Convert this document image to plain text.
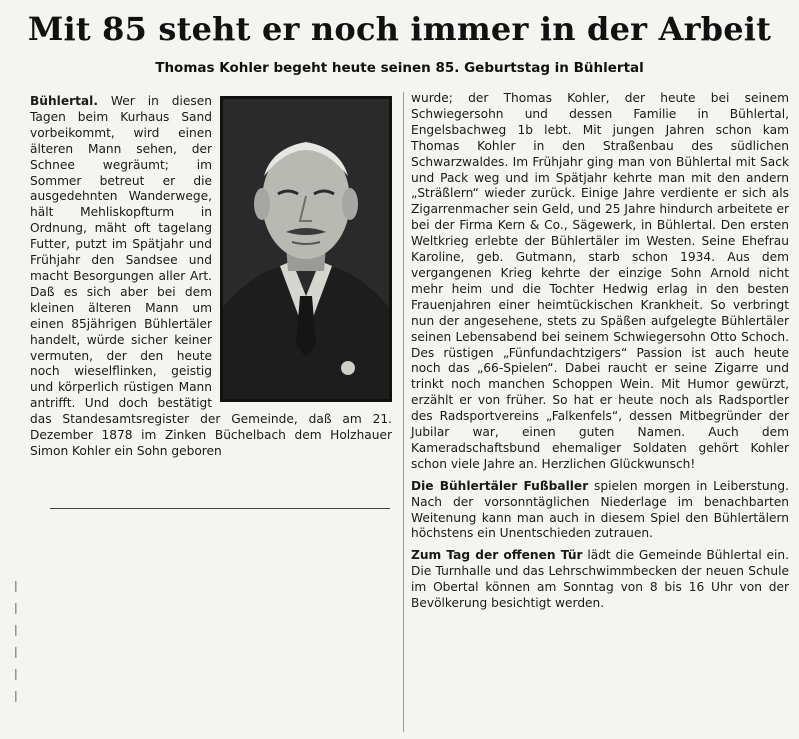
Mit 85 steht er noch immer in der Arbeit
Thomas Kohler begeht heute seinen 85. Geburtstag in Bühlertal

Bühlertal. Wer in diesen Tagen beim Kurhaus Sand vorbeikommt, wird einen älteren Mann sehen, der Schnee wegräumt; im Sommer betreut er die ausgedehnten Wanderwege, hält Mehliskopfturm in Ordnung, mäht oft tagelang Futter, putzt im Spätjahr und Frühjahr den Sandsee und macht Besorgungen aller Art. Daß es sich aber bei dem kleinen älteren Mann um einen 85jährigen Bühlertäler handelt, würde sicher keiner vermuten, der den heute noch wieselflinken, geistig und körperlich rüstigen Mann antrifft. Und doch bestätigt das Standesamtsregister der Gemeinde, daß am 21. Dezember 1878 im Zinken Büchelbach dem Holzhauer Simon Kohler ein Sohn geboren

|
|
|
|
|
|

wurde; der Thomas Kohler, der heute bei seinem Schwiegersohn und dessen Familie in Bühlertal, Engelsbachweg 1b lebt. Mit jungen Jahren schon kam Thomas Kohler in den Straßenbau des südlichen Schwarzwaldes. Im Frühjahr ging man von Bühlertal mit Sack und Pack weg und im Spätjahr kehrte man mit den andern „Sträßlern“ wieder zurück. Einige Jahre verdiente er sich als Zigarrenmacher sein Geld, und 25 Jahre hindurch arbeitete er bei der Firma Kern & Co., Sägewerk, in Bühlertal. Den ersten Weltkrieg erlebte der Bühlertäler im Westen. Seine Ehefrau Karoline, geb. Gutmann, starb schon 1934. Aus dem vergangenen Krieg kehrte der einzige Sohn Arnold nicht mehr heim und die Tochter Hedwig erlag in den besten Frauenjahren einer heimtückischen Krankheit. So verbringt nun der angesehene, stets zu Späßen aufgelegte Bühlertäler seinen Lebensabend bei seinem Schwiegersohn Otto Schoch. Des rüstigen „Fünfundachtzigers“ Passion ist auch heute noch das „66-Spielen“. Dabei raucht er seine Zigarre und trinkt noch manchen Schoppen Wein. Mit Humor gewürzt, erzählt er von früher. So hat er heute noch als Radsportler des Radsportvereins „Falkenfels“, dessen Mitbegründer der Jubilar war, einen guten Namen. Auch dem Kameradschaftsbund ehemaliger Soldaten gehört Kohler schon viele Jahre an. Herzlichen Glückwunsch!

Die Bühlertäler Fußballer spielen morgen in Leiberstung. Nach der vorsonntäglichen Niederlage im benachbarten Weitenung kann man auch in diesem Spiel den Bühlertälern höchstens ein Unentschieden zutrauen.

Zum Tag der offenen Tür lädt die Gemeinde Bühlertal ein. Die Turnhalle und das Lehrschwimmbecken der neuen Schule im Obertal können am Sonntag von 8 bis 16 Uhr von der Bevölkerung besichtigt werden.
